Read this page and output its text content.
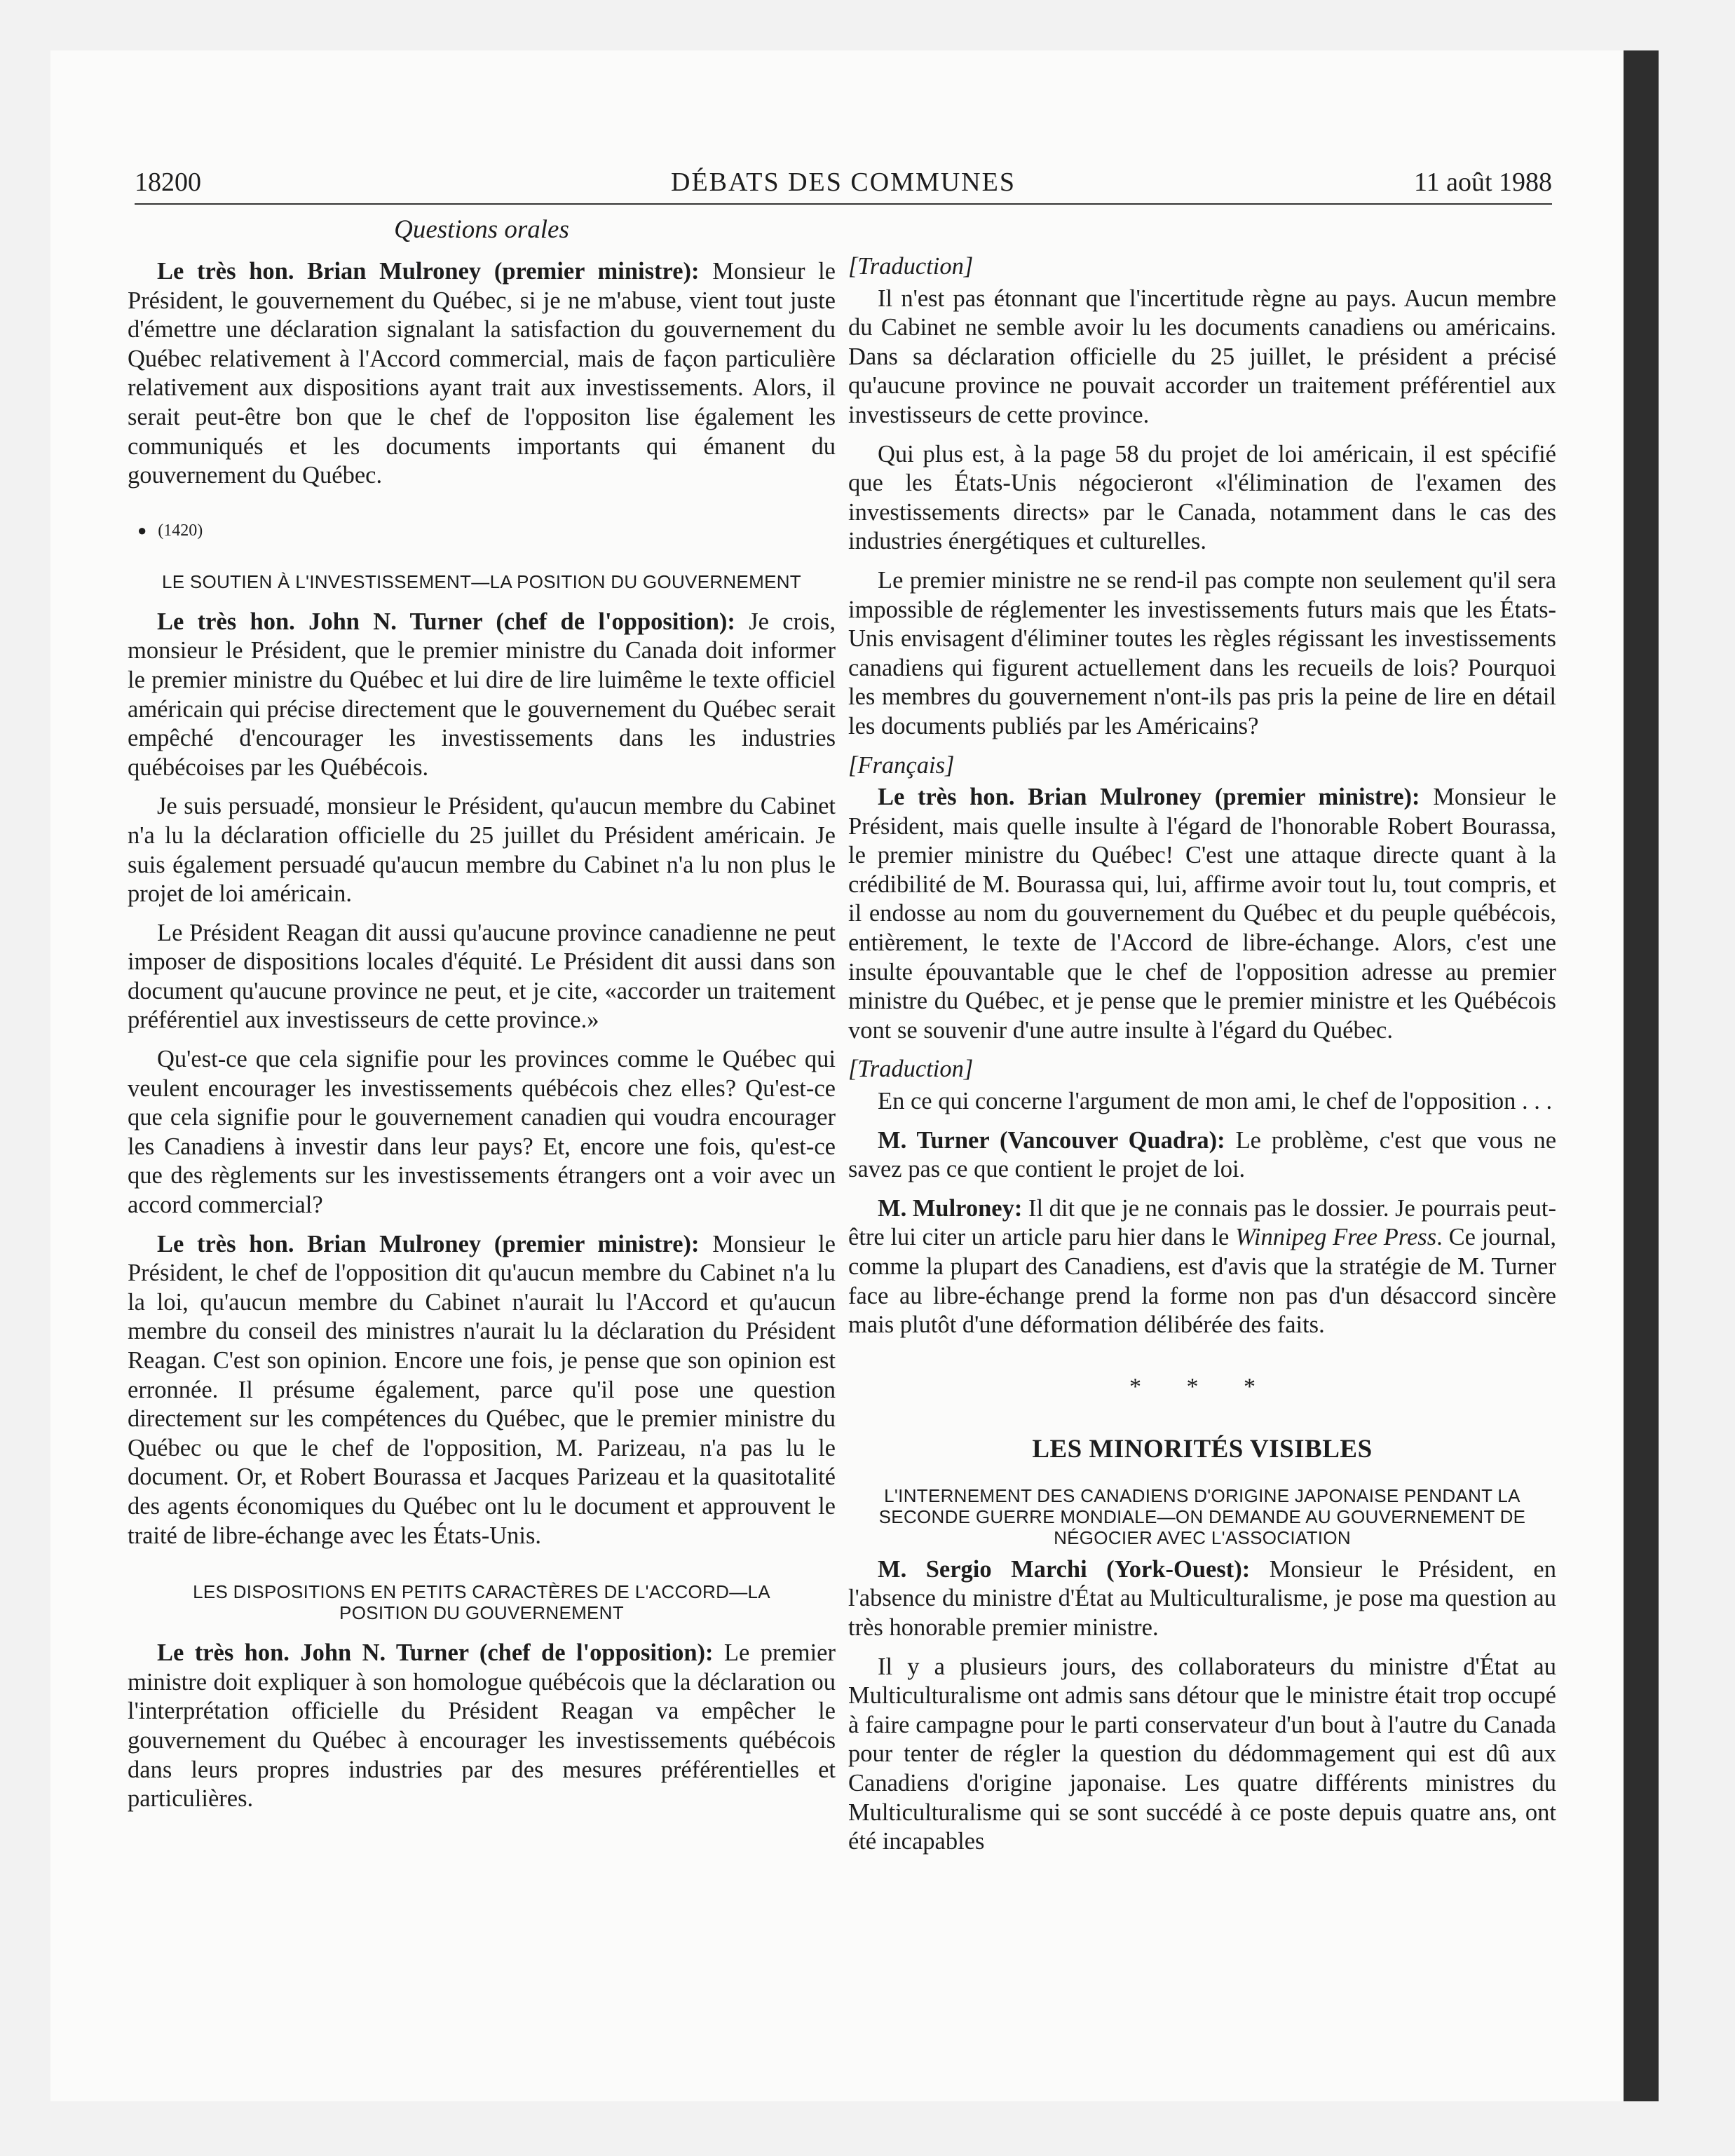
18200	DÉBATS DES COMMUNES	11 août 1988
Questions orales

Le très hon. Brian Mulroney (premier ministre): Monsieur le Président, le gouvernement du Québec, si je ne m'abuse, vient tout juste d'émettre une déclaration signalant la satisfaction du gouvernement du Québec relativement à l'Accord commercial, mais de façon particulière relativement aux dispositions ayant trait aux investissements. Alors, il serait peut-être bon que le chef de l'oppositon lise également les communiqués et les documents importants qui émanent du gouvernement du Québec.

● (1420)
LE SOUTIEN À L'INVESTISSEMENT—LA POSITION DU GOUVERNEMENT

Le très hon. John N. Turner (chef de l'opposition): Je crois, monsieur le Président, que le premier ministre du Canada doit informer le premier ministre du Québec et lui dire de lire luimême le texte officiel américain qui précise directement que le gouvernement du Québec serait empêché d'encourager les investissements dans les industries québécoises par les Québécois.

Je suis persuadé, monsieur le Président, qu'aucun membre du Cabinet n'a lu la déclaration officielle du 25 juillet du Président américain. Je suis également persuadé qu'aucun membre du Cabinet n'a lu non plus le projet de loi américain.

Le Président Reagan dit aussi qu'aucune province canadienne ne peut imposer de dispositions locales d'équité. Le Président dit aussi dans son document qu'aucune province ne peut, et je cite, «accorder un traitement préférentiel aux investisseurs de cette province.»

Qu'est-ce que cela signifie pour les provinces comme le Québec qui veulent encourager les investissements québécois chez elles? Qu'est-ce que cela signifie pour le gouvernement canadien qui voudra encourager les Canadiens à investir dans leur pays? Et, encore une fois, qu'est-ce que des règlements sur les investissements étrangers ont a voir avec un accord commercial?

Le très hon. Brian Mulroney (premier ministre): Monsieur le Président, le chef de l'opposition dit qu'aucun membre du Cabinet n'a lu la loi, qu'aucun membre du Cabinet n'aurait lu l'Accord et qu'aucun membre du conseil des ministres n'aurait lu la déclaration du Président Reagan. C'est son opinion. Encore une fois, je pense que son opinion est erronnée. Il présume également, parce qu'il pose une question directement sur les compétences du Québec, que le premier ministre du Québec ou que le chef de l'opposition, M. Parizeau, n'a pas lu le document. Or, et Robert Bourassa et Jacques Parizeau et la quasitotalité des agents économiques du Québec ont lu le document et approuvent le traité de libre-échange avec les États-Unis.

LES DISPOSITIONS EN PETITS CARACTÈRES DE L'ACCORD—LA POSITION DU GOUVERNEMENT

Le très hon. John N. Turner (chef de l'opposition): Le premier ministre doit expliquer à son homologue québécois que la déclaration ou l'interprétation officielle du Président Reagan va empêcher le gouvernement du Québec à encourager les investissements québécois dans leurs propres industries par des mesures préférentielles et particulières.

[Traduction]

Il n'est pas étonnant que l'incertitude règne au pays. Aucun membre du Cabinet ne semble avoir lu les documents canadiens ou américains. Dans sa déclaration officielle du 25 juillet, le président a précisé qu'aucune province ne pouvait accorder un traitement préférentiel aux investisseurs de cette province.

Qui plus est, à la page 58 du projet de loi américain, il est spécifié que les États-Unis négocieront «l'élimination de l'examen des investissements directs» par le Canada, notamment dans le cas des industries énergétiques et culturelles.

Le premier ministre ne se rend-il pas compte non seulement qu'il sera impossible de réglementer les investissements futurs mais que les États-Unis envisagent d'éliminer toutes les règles régissant les investissements canadiens qui figurent actuellement dans les recueils de lois? Pourquoi les membres du gouvernement n'ont-ils pas pris la peine de lire en détail les documents publiés par les Américains?

[Français]

Le très hon. Brian Mulroney (premier ministre): Monsieur le Président, mais quelle insulte à l'égard de l'honorable Robert Bourassa, le premier ministre du Québec! C'est une attaque directe quant à la crédibilité de M. Bourassa qui, lui, affirme avoir tout lu, tout compris, et il endosse au nom du gouvernement du Québec et du peuple québécois, entièrement, le texte de l'Accord de libre-échange. Alors, c'est une insulte épouvantable que le chef de l'opposition adresse au premier ministre du Québec, et je pense que le premier ministre et les Québécois vont se souvenir d'une autre insulte à l'égard du Québec.

[Traduction]

En ce qui concerne l'argument de mon ami, le chef de l'opposition . . .

M. Turner (Vancouver Quadra): Le problème, c'est que vous ne savez pas ce que contient le projet de loi.

M. Mulroney: Il dit que je ne connais pas le dossier. Je pourrais peut-être lui citer un article paru hier dans le Winnipeg Free Press. Ce journal, comme la plupart des Canadiens, est d'avis que la stratégie de M. Turner face au libre-échange prend la forme non pas d'un désaccord sincère mais plutôt d'une déformation délibérée des faits.

* * *
LES MINORITÉS VISIBLES
L'INTERNEMENT DES CANADIENS D'ORIGINE JAPONAISE PENDANT LA SECONDE GUERRE MONDIALE—ON DEMANDE AU GOUVERNEMENT DE NÉGOCIER AVEC L'ASSOCIATION

M. Sergio Marchi (York-Ouest): Monsieur le Président, en l'absence du ministre d'État au Multiculturalisme, je pose ma question au très honorable premier ministre.

Il y a plusieurs jours, des collaborateurs du ministre d'État au Multiculturalisme ont admis sans détour que le ministre était trop occupé à faire campagne pour le parti conservateur d'un bout à l'autre du Canada pour tenter de régler la question du dédommagement qui est dû aux Canadiens d'origine japonaise. Les quatre différents ministres du Multiculturalisme qui se sont succédé à ce poste depuis quatre ans, ont été incapables
